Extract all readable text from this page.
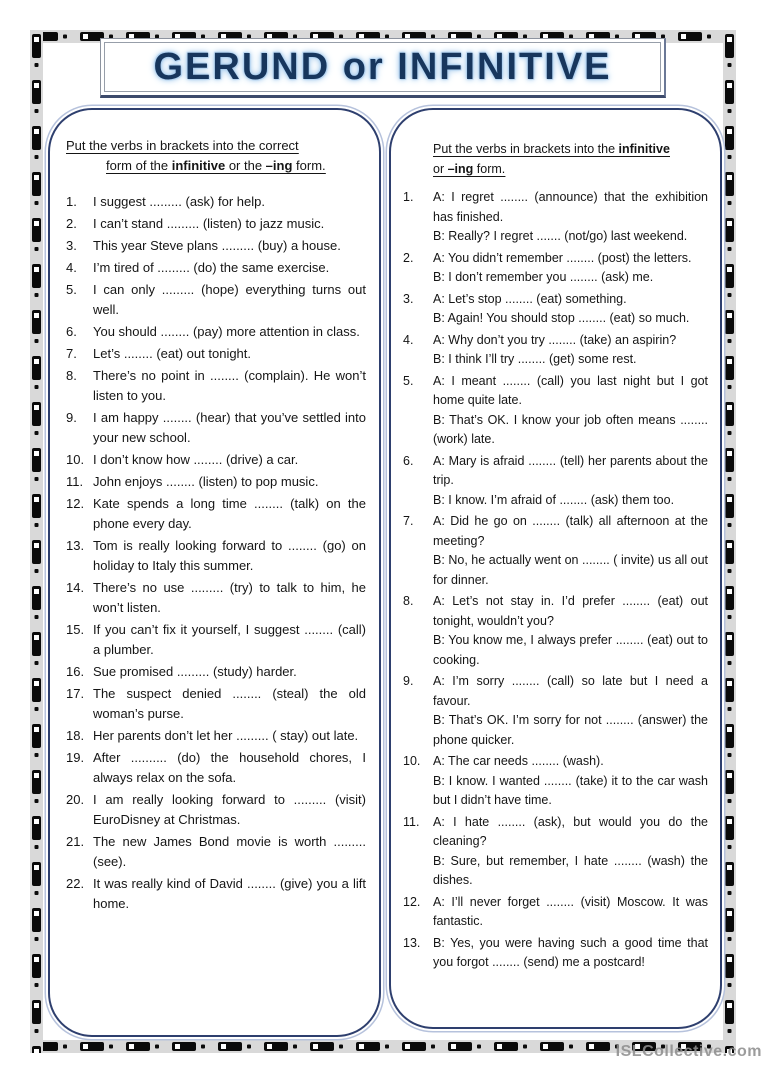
GERUND or INFINITIVE

Put the verbs in brackets into the correct
form of the infinitive or the –ing form.

1.	I suggest ......... (ask) for help.
2.	I can’t stand ......... (listen) to jazz music.
3.	This year Steve plans ......... (buy) a house.
4.	I’m tired of ......... (do) the same exercise.
5.	I can only ......... (hope) everything turns out well.
6.	You should ........ (pay) more attention in class.
7.	Let’s ........ (eat) out tonight.
8.	There’s no point in ........ (complain). He won’t listen to you.
9.	I am happy ........ (hear) that you’ve settled into your new school.
10. I don’t know how ........ (drive) a car.
11. John enjoys ........ (listen) to pop music.
12. Kate spends a long time ........ (talk) on the phone every day.
13. Tom is really looking forward to ........ (go) on holiday to Italy this summer.
14. There’s no use ......... (try) to talk to him, he won’t listen.
15. If you can’t fix it yourself, I suggest ........ (call) a plumber.
16. Sue promised ......... (study) harder.
17. The suspect denied ........ (steal) the old woman’s purse.
18. Her parents don’t let her ......... ( stay) out late.
19. After .......... (do) the household chores, I always relax on the sofa.
20. I am really looking forward to ......... (visit) EuroDisney at Christmas.
21. The new James Bond movie is worth ......... (see).
22. It was really kind of David ........ (give) you a lift home.

Put the verbs in brackets into the infinitive
or –ing form.

1.	A: I regret ........ (announce) that the exhibition has finished.
B: Really? I regret ....... (not/go) last weekend.
2.	A: You didn’t remember ........ (post) the letters.
B: I don’t remember you ........ (ask) me.
3.	A: Let’s stop ........ (eat) something.
B: Again! You should stop ........ (eat) so much.
4.	A: Why don’t you try ........ (take) an aspirin?
B: I think I’ll try ........ (get) some rest.
5.	A: I meant ........ (call) you last night but I got home quite late.
B: That’s OK. I know your job often means ........ (work) late.
6.	A: Mary is afraid ........ (tell) her parents about the trip.
B: I know. I’m afraid of ........ (ask) them too.
7.	A: Did he go on ........ (talk) all afternoon at the meeting?
B: No, he actually went on ........ ( invite) us all out for dinner.
8.	A: Let’s not stay in. I’d prefer ........ (eat) out tonight, wouldn’t you?
B: You know me, I always prefer ........ (eat) out to cooking.
9.	A: I’m sorry ........ (call) so late but I need a favour.
B: That’s OK. I’m sorry for not ........ (answer) the phone quicker.
10.	A: The car needs ........ (wash).
B: I know. I wanted ........ (take) it to the car wash but I didn’t have time.
11.	A: I hate ........ (ask), but would you do the cleaning?
B: Sure, but remember, I hate ........ (wash) the dishes.
12.	A: I’ll never forget ........ (visit) Moscow. It was fantastic.
13.	B: Yes, you were having such a good time that you forgot ........ (send) me a postcard!
ISLCollective.com
